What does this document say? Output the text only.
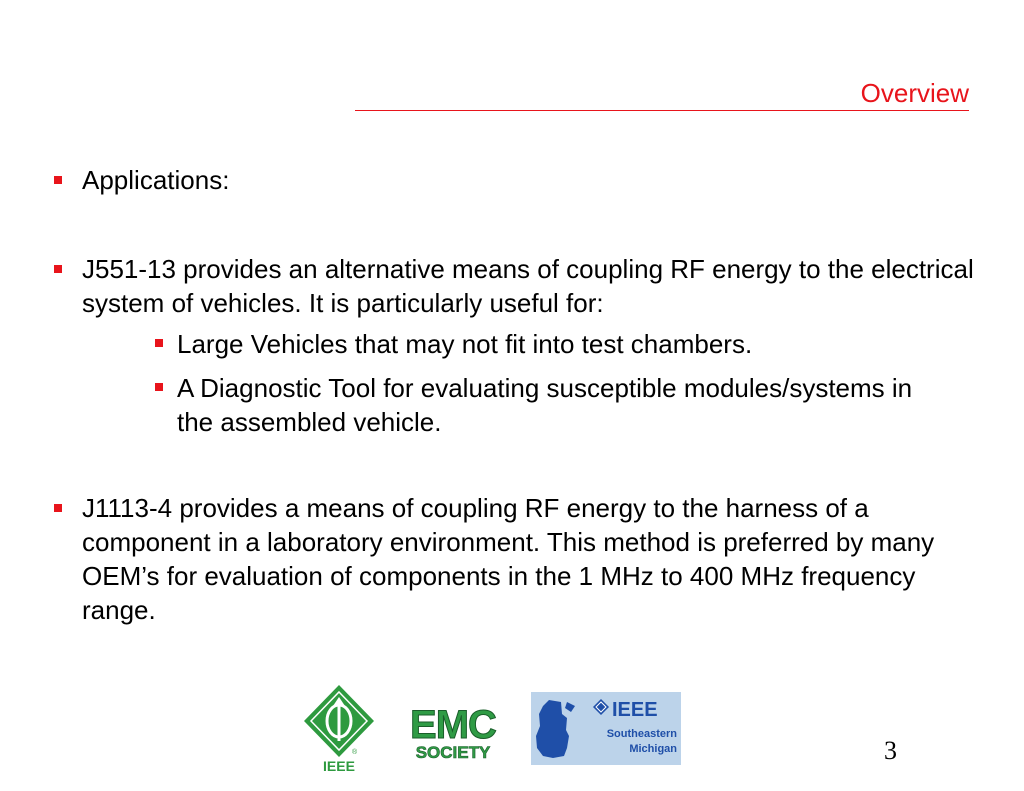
Overview
Applications:
J551-13 provides an alternative means of coupling RF energy to the electrical system of vehicles. It is particularly useful for:
Large Vehicles that may not fit into test chambers.
A Diagnostic Tool for evaluating susceptible modules/systems in the assembled vehicle.
J1113-4 provides a means of coupling RF energy to the harness of a component in a laboratory environment. This method is preferred by many OEM’s for evaluation of components in the 1 MHz to 400 MHz frequency range.
®
IEEE
EMC
SOCIETY
IEEE
Southeastern
Michigan	3
